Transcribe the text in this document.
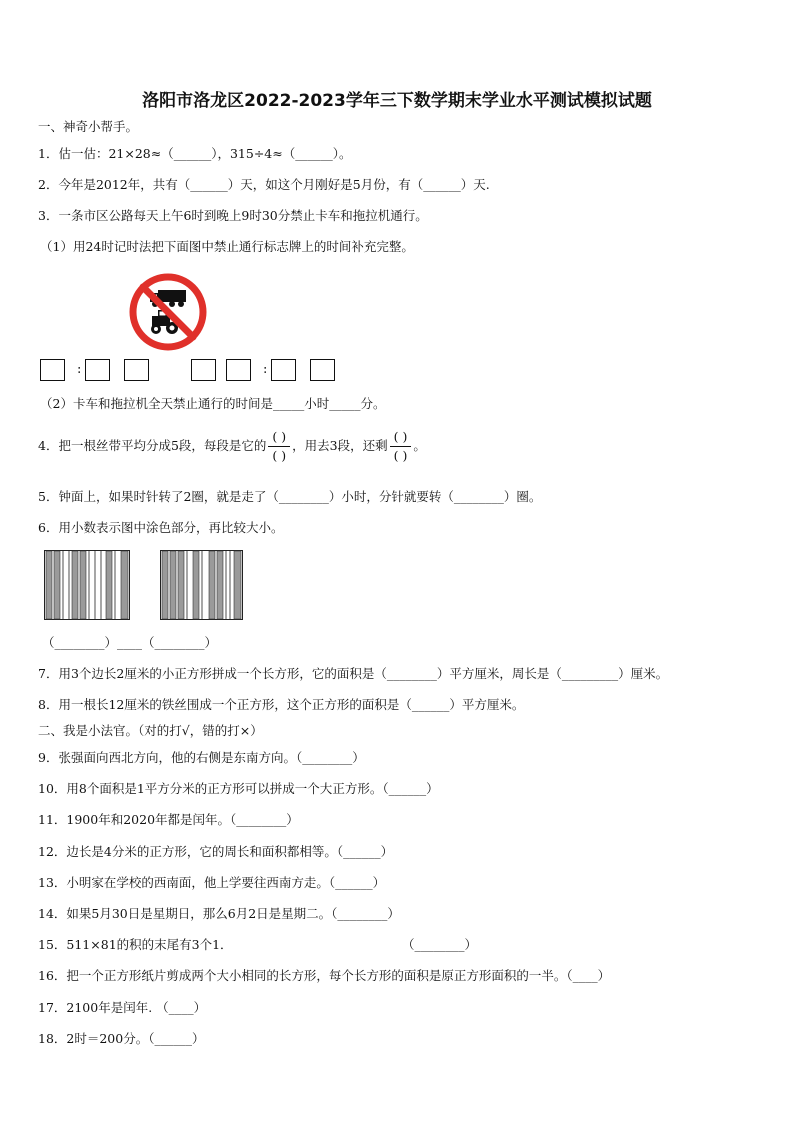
洛阳市洛龙区2022-2023学年三下数学期末学业水平测试模拟试题
一、神奇小帮手。
1．估一估：21×28≈（______），315÷4≈（______）。
2．今年是2012年，共有（______）天，如这个月刚好是5月份，有（______）天.
3．一条市区公路每天上午6时到晚上9时30分禁止卡车和拖拉机通行。
（1）用24时记时法把下面图中禁止通行标志牌上的时间补充完整。
:	:
（2）卡车和拖拉机全天禁止通行的时间是_____小时_____分。
4．把一根丝带平均分成5段，每段是它的 $\frac{( )}{( )}$ ，用去3段，还剩 $\frac{( )}{( )}$ 。
5．钟面上，如果时针转了2圈，就是走了（________）小时，分针就要转（________）圈。
6．用小数表示图中涂色部分，再比较大小。
（________）____（________）
7．用3个边长2厘米的小正方形拼成一个长方形，它的面积是（________）平方厘米，周长是（_________）厘米。
8．用一根长12厘米的铁丝围成一个正方形，这个正方形的面积是（______）平方厘米。
二、我是小法官。（对的打√，错的打×）
9．张强面向西北方向，他的右侧是东南方向。（________）
10．用8个面积是1平方分米的正方形可以拼成一个大正方形。（______）
11．1900年和2020年都是闰年。（________）
12．边长是4分米的正方形，它的周长和面积都相等。（______）
13．小明家在学校的西南面，他上学要往西南方走。（______）
14．如果5月30日是星期日，那么6月2日是星期二。（________）
15．511×81的积的末尾有3个1．	（________）
16．把一个正方形纸片剪成两个大小相同的长方形，每个长方形的面积是原正方形面积的一半。（____）
17．2100年是闰年. （____）
18．2时＝200分。（______）
